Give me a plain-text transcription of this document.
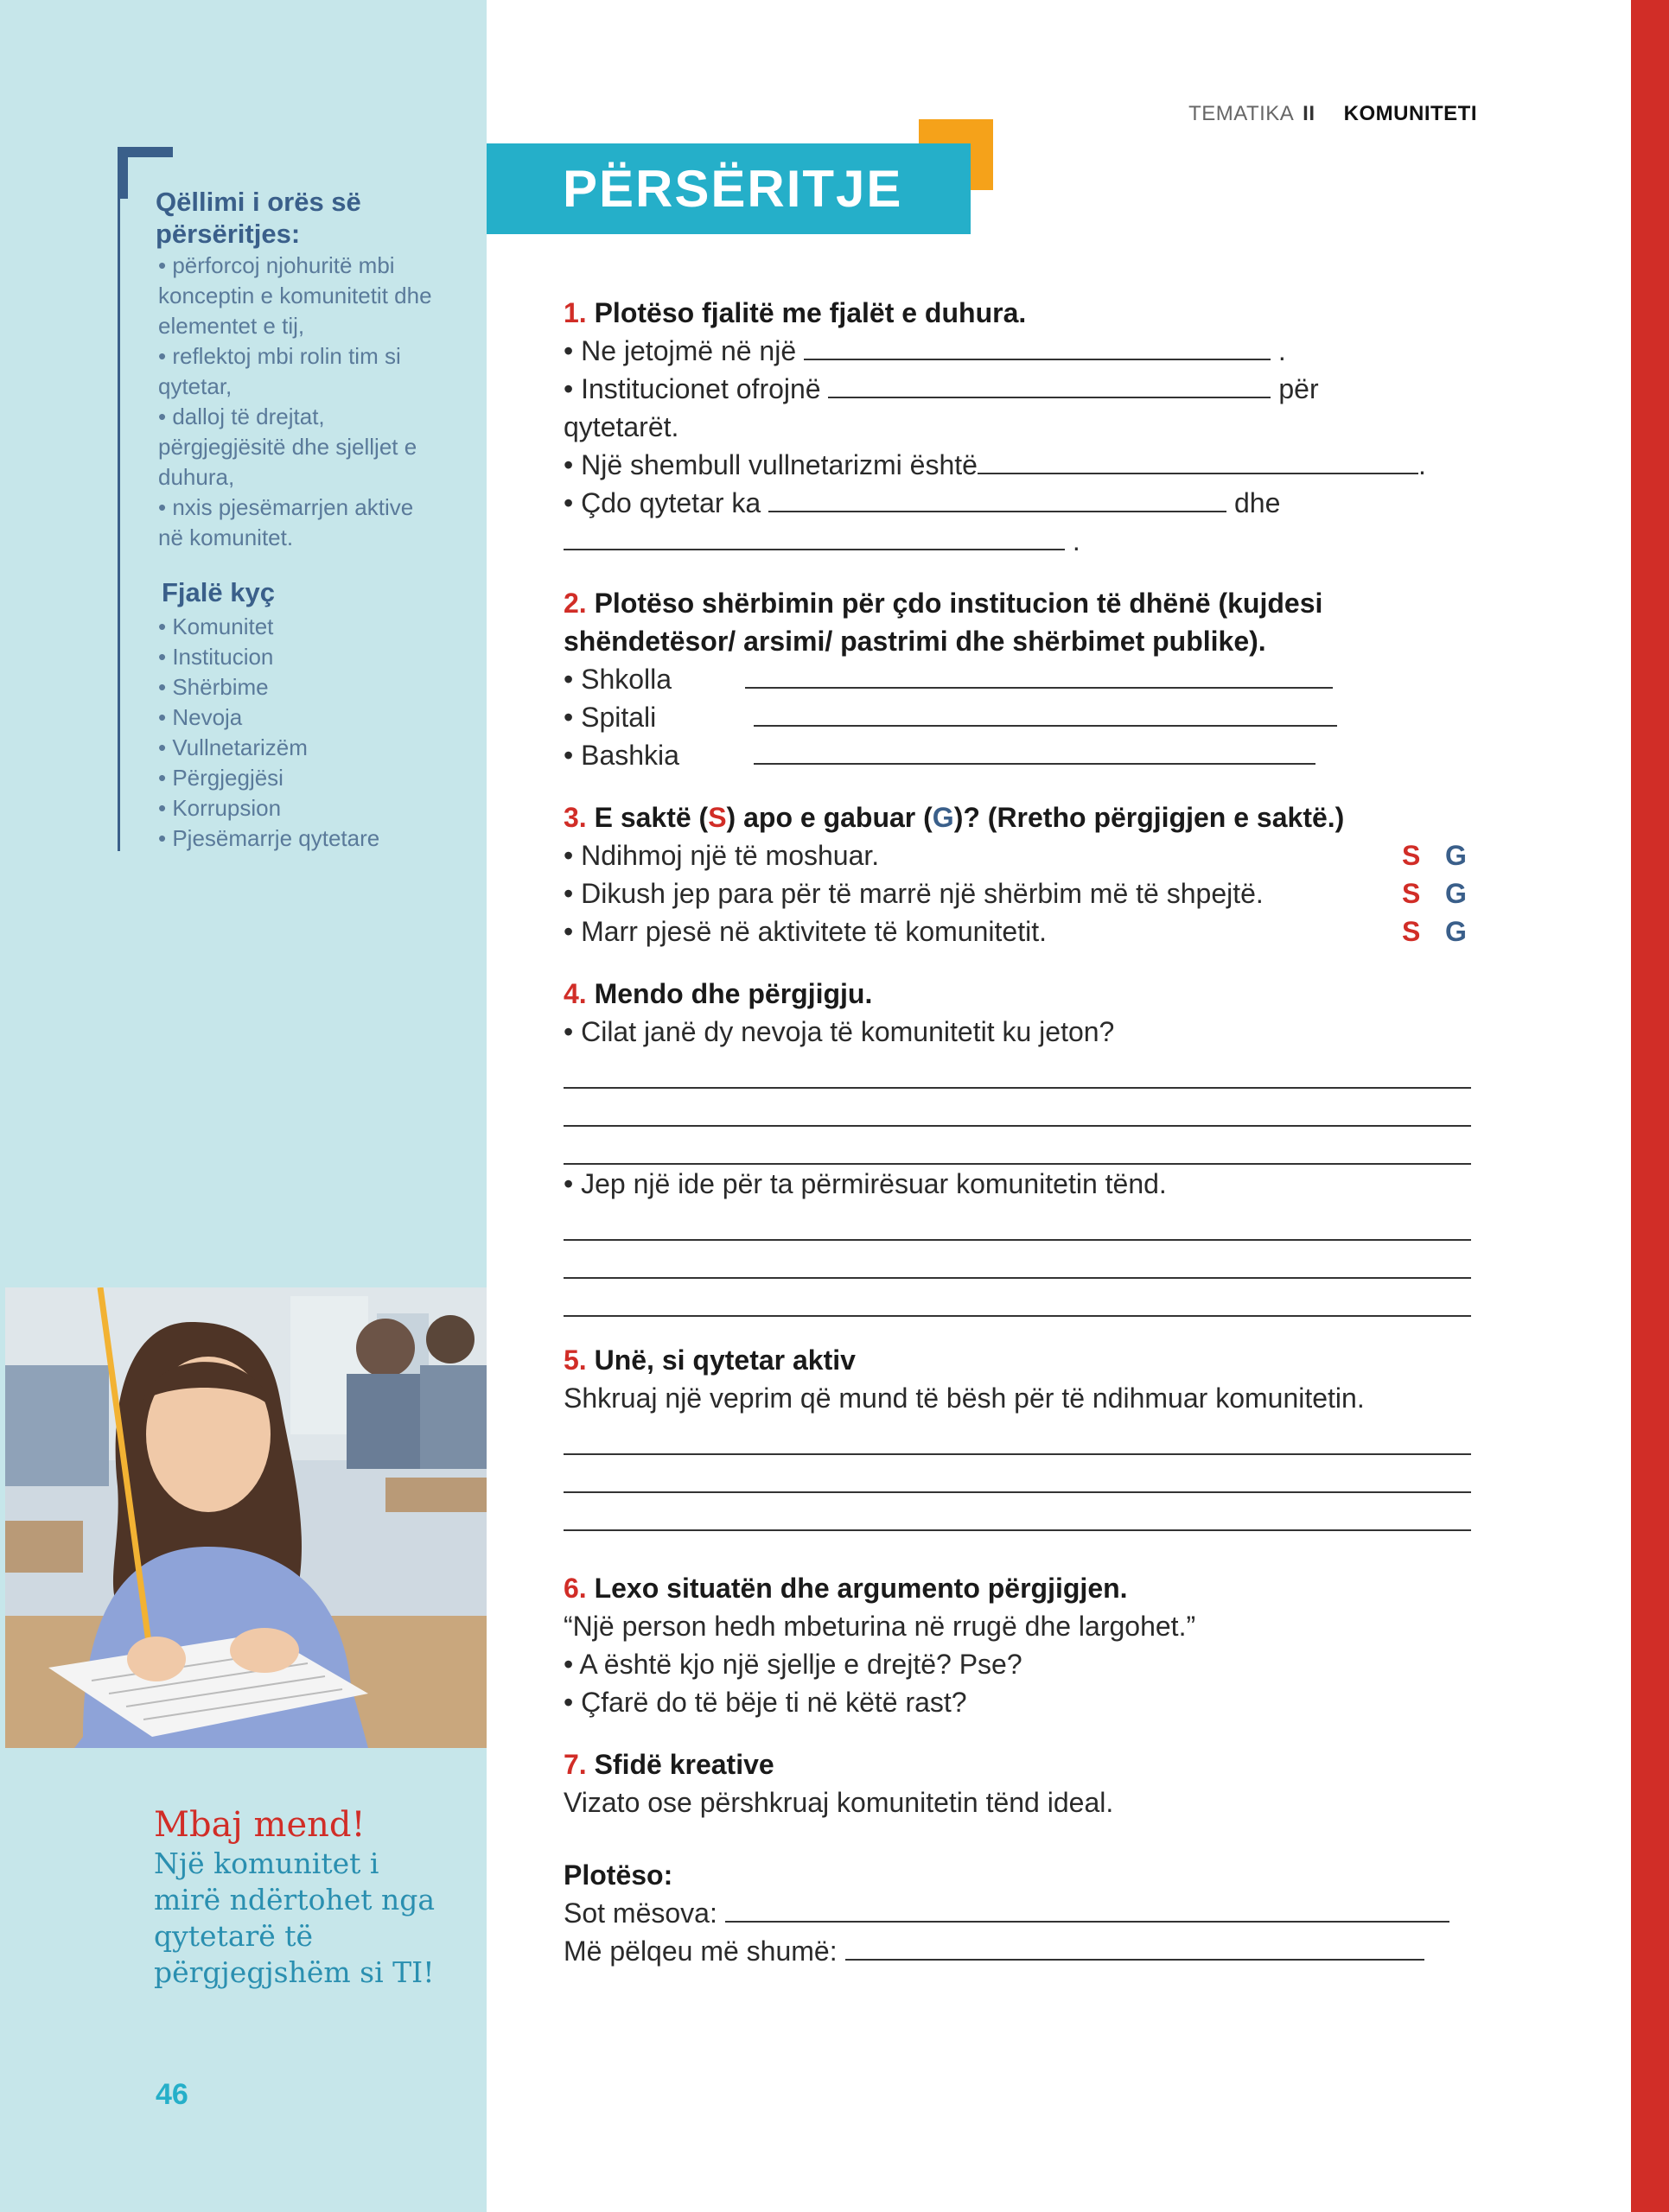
TEMATIKA II KOMUNITETI

Qëllimi i orës së përsëritjes:

• përforcoj njohuritë mbi konceptin e komunitetit dhe elementet e tij,
• reflektoj mbi rolin tim si qytetar,
• dalloj të drejtat, përgjegjësitë dhe sjelljet e duhura,
• nxis pjesëmarrjen aktive në komunitet.

Fjalë kyç

• Komunitet
• Institucion
• Shërbime
• Nevoja
• Vullnetarizëm
• Përgjegjësi
• Korrupsion
• Pjesëmarrje qytetare
Mbaj mend!
Një komunitet i mirë ndërtohet nga qytetarë të përgjegjshëm si TI!
46
PËRSËRITJE
1. Plotëso fjalitë me fjalët e duhura.
• Ne jetojmë në një	.
• Institucionet ofrojnë	për
qytetarët.
• Një shembull vullnetarizmi është	.
• Çdo qytetar ka	dhe
.
2. Plotëso shërbimin për çdo institucion të dhënë (kujdesi shëndetësor/ arsimi/ pastrimi dhe shërbimet publike).
• Shkolla
• Spitali
• Bashkia
3. E saktë (S) apo e gabuar (G)? (Rretho përgjigjen e saktë.)
• Ndihmoj një të moshuar.	S G
• Dikush jep para për të marrë një shërbim më të shpejtë.	S G
• Marr pjesë në aktivitete të komunitetit.	S G
4. Mendo dhe përgjigju.
• Cilat janë dy nevoja të komunitetit ku jeton?
• Jep një ide për ta përmirësuar komunitetin tënd.
5. Unë, si qytetar aktiv
Shkruaj një veprim që mund të bësh për të ndihmuar komunitetin.
6. Lexo situatën dhe argumento përgjigjen.
“Një person hedh mbeturina në rrugë dhe largohet.”
• A është kjo një sjellje e drejtë? Pse?
• Çfarë do të bëje ti në këtë rast?
7. Sfidë kreative
Vizato ose përshkruaj komunitetin tënd ideal.
Plotëso:
Sot mësova:
Më pëlqeu më shumë:
